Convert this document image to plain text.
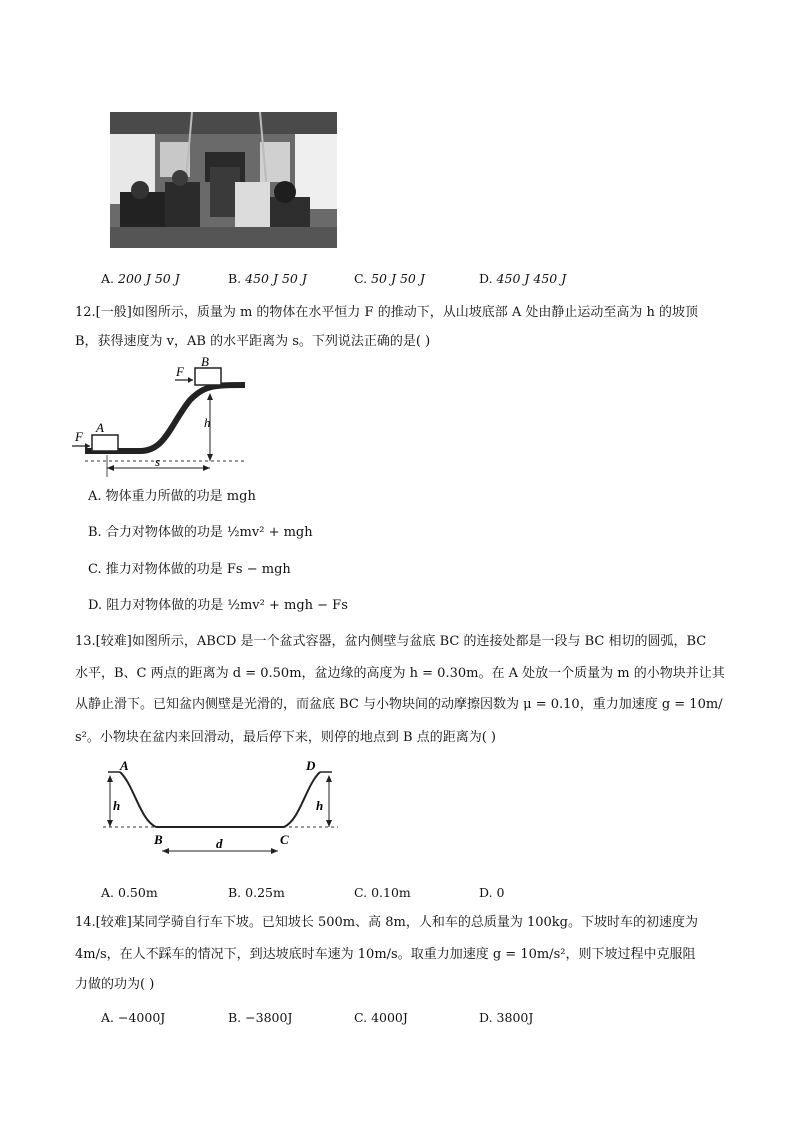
A. 200 J 50 J	B. 450 J 50 J	C. 50 J 50 J	D. 450 J 450 J
12.[一般]如图所示，质量为 m 的物体在水平恒力 F 的推动下，从山坡底部 A 处由静止运动至高为 h 的坡顶
B，获得速度为 v，AB 的水平距离为 s。下列说法正确的是( )
F
B
F
A	h
s
A. 物体重力所做的功是 mgh
B. 合力对物体做的功是 ½mv² + mgh
C. 推力对物体做的功是 Fs − mgh
D. 阻力对物体做的功是 ½mv² + mgh − Fs
13.[较难]如图所示，ABCD 是一个盆式容器，盆内侧壁与盆底 BC 的连接处都是一段与 BC 相切的圆弧，BC
水平，B、C 两点的距离为 d = 0.50m，盆边缘的高度为 h = 0.30m。在 A 处放一个质量为 m 的小物块并让其
从静止滑下。已知盆内侧壁是光滑的，而盆底 BC 与小物块间的动摩擦因数为 μ = 0.10，重力加速度 g = 10m/
s²。小物块在盆内来回滑动，最后停下来，则停的地点到 B 点的距离为( )
A	D
B	C
h	h
d
A. 0.50m	B. 0.25m	C. 0.10m	D. 0
14.[较难]某同学骑自行车下坡。已知坡长 500m、高 8m，人和车的总质量为 100kg。下坡时车的初速度为
4m/s，在人不踩车的情况下，到达坡底时车速为 10m/s。取重力加速度 g = 10m/s²，则下坡过程中克服阻
力做的功为( )
A. −4000J	B. −3800J	C. 4000J	D. 3800J
